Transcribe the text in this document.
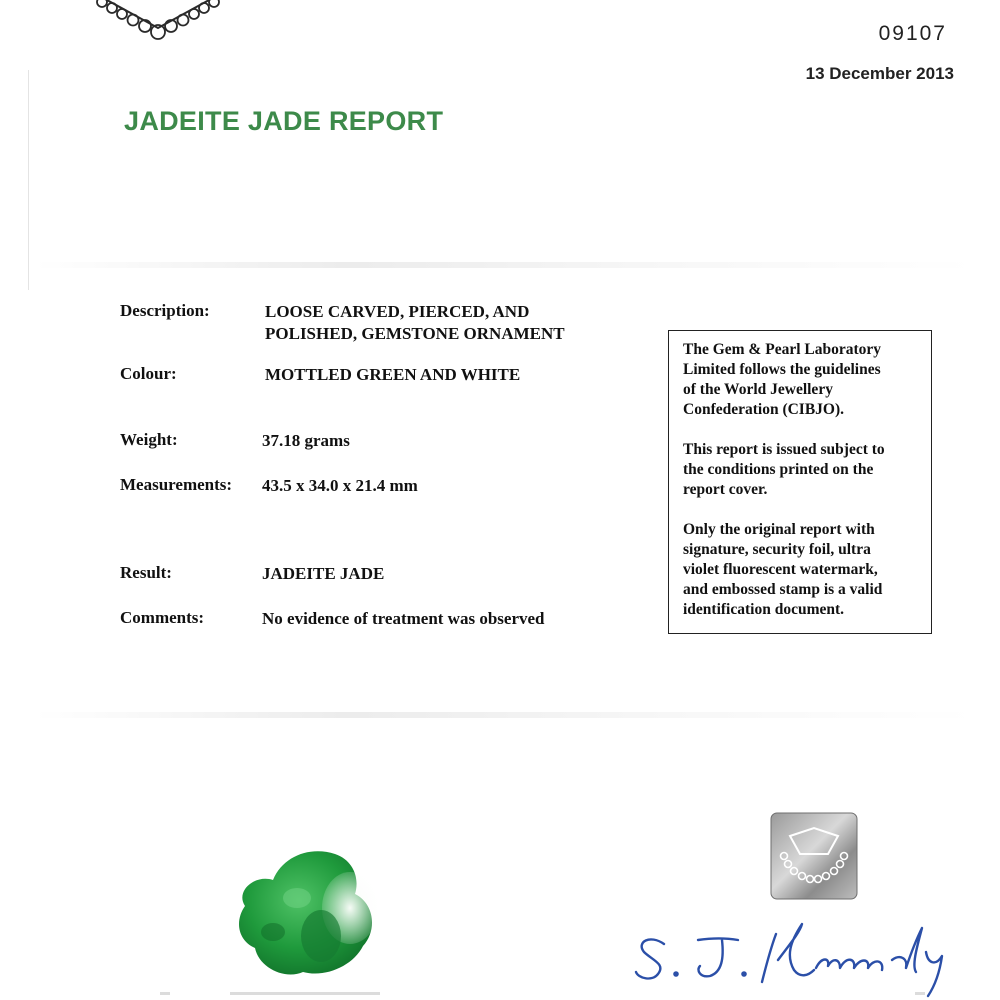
09107
13 December 2013
JADEITE JADE REPORT
Description:	LOOSE CARVED, PIERCED, AND
POLISHED, GEMSTONE ORNAMENT
Colour:	MOTTLED GREEN AND WHITE
Weight:	37.18 grams
Measurements: 43.5 x 34.0 x 21.4 mm
Result:	JADEITE JADE
Comments:	No evidence of treatment was observed

The Gem & Pearl Laboratory
Limited follows the guidelines
of the World Jewellery
Confederation (CIBJO).

This report is issued subject to
the conditions printed on the
report cover.

Only the original report with
signature, security foil, ultra
violet fluorescent watermark,
and embossed stamp is a valid
identification document.
